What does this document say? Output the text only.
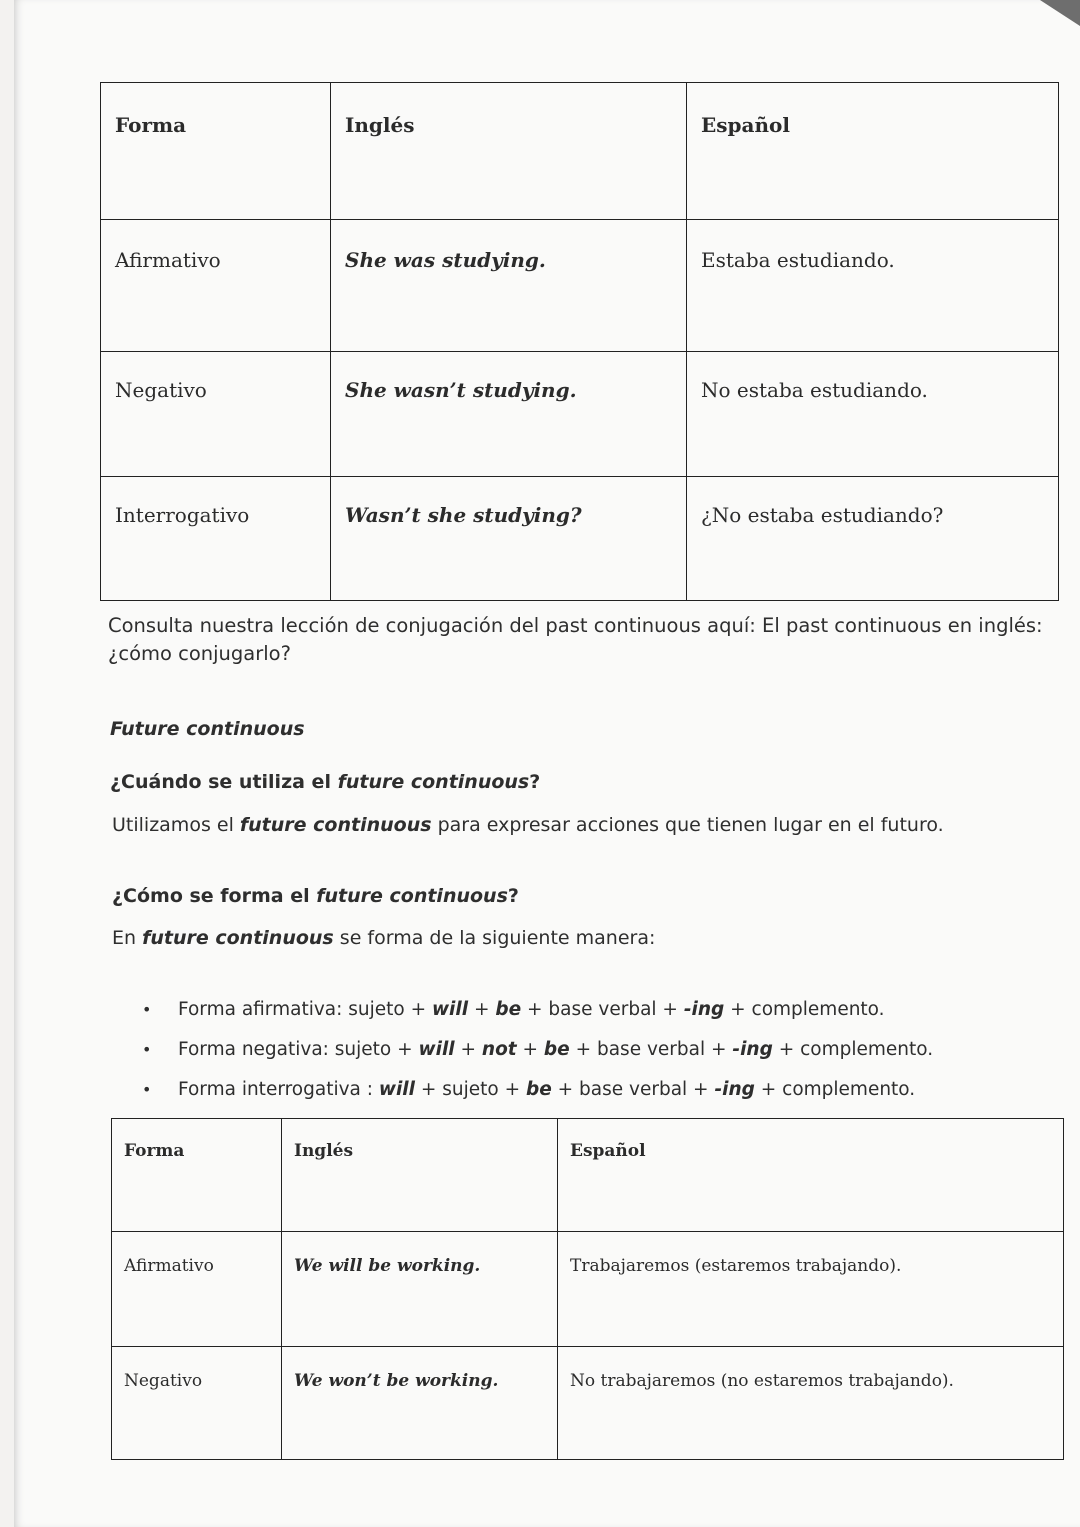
Forma	Inglés	Español
Afirmativo	She was studying.	Estaba estudiando.
Negativo	She wasn’t studying.	No estaba estudiando.
Interrogativo	Wasn’t she studying?	¿No estaba estudiando?
Consulta nuestra lección de conjugación del past continuous aquí: El past continuous en inglés: ¿cómo conjugarlo?
Future continuous
¿Cuándo se utiliza el future continuous?
Utilizamos el future continuous para expresar acciones que tienen lugar en el futuro.
¿Cómo se forma el future continuous?
En future continuous se forma de la siguiente manera:
• Forma afirmativa: sujeto + will + be + base verbal + -ing + complemento.
• Forma negativa: sujeto + will + not + be + base verbal + -ing + complemento.
• Forma interrogativa : will + sujeto + be + base verbal + -ing + complemento.
Forma	Inglés	Español
Afirmativo	We will be working.	Trabajaremos (estaremos trabajando).
Negativo	We won’t be working.	No trabajaremos (no estaremos trabajando).
